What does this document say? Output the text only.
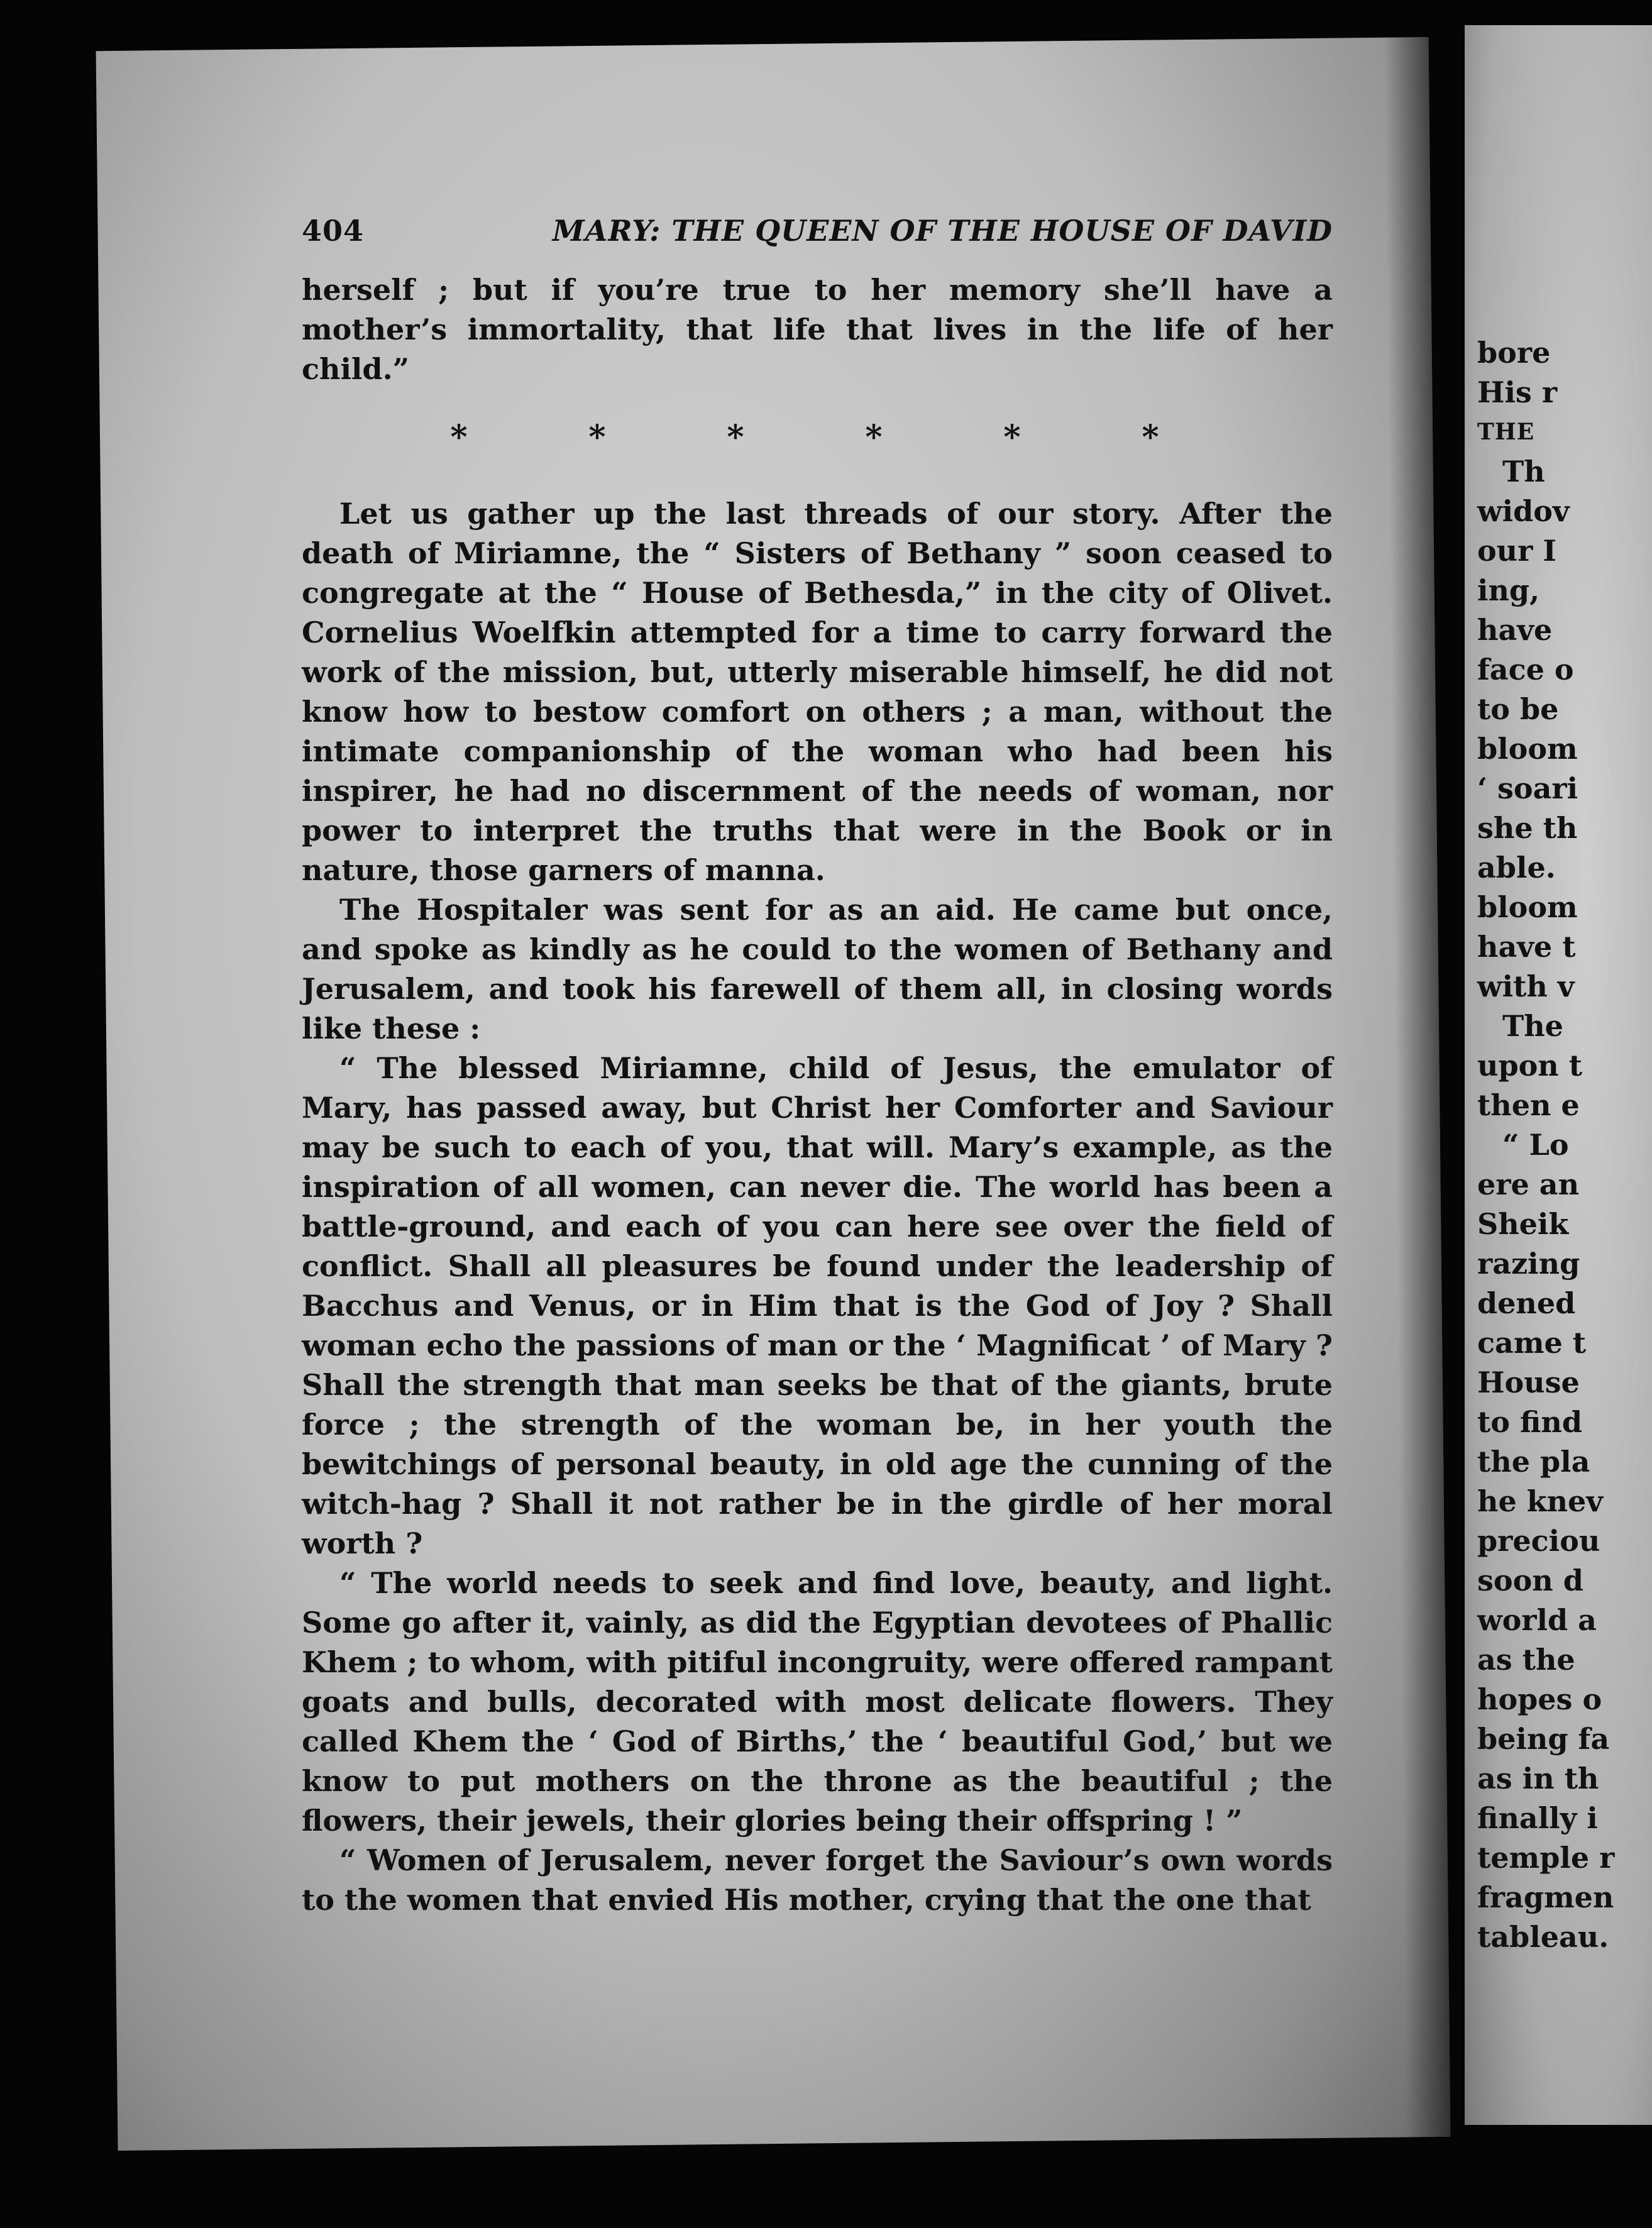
404	MARY: THE QUEEN OF THE HOUSE OF DAVID

herself ; but if you’re true to her memory she’ll have a mother’s immortality, that life that lives in the life of her child.”

*	*	*	*	*	*

Let us gather up the last threads of our story. After the death of Miriamne, the “ Sisters of Bethany ” soon ceased to congregate at the “ House of Bethesda,” in the city of Olivet. Cornelius Woelfkin attempted for a time to carry forward the work of the mission, but, utterly miserable himself, he did not know how to bestow comfort on others ; a man, without the intimate companionship of the woman who had been his inspirer, he had no discernment of the needs of woman, nor power to interpret the truths that were in the Book or in nature, those garners of manna.

The Hospitaler was sent for as an aid. He came but once, and spoke as kindly as he could to the women of Bethany and Jerusalem, and took his farewell of them all, in closing words like these :

“ The blessed Miriamne, child of Jesus, the emulator of Mary, has passed away, but Christ her Comforter and Saviour may be such to each of you, that will. Mary’s example, as the inspiration of all women, can never die. The world has been a battle-ground, and each of you can here see over the field of conflict. Shall all pleasures be found under the leadership of Bacchus and Venus, or in Him that is the God of Joy ? Shall woman echo the passions of man or the ‘ Magnificat ’ of Mary ? Shall the strength that man seeks be that of the giants, brute force ; the strength of the woman be, in her youth the bewitchings of personal beauty, in old age the cunning of the witch-hag ? Shall it not rather be in the girdle of her moral worth ?

“ The world needs to seek and find love, beauty, and light. Some go after it, vainly, as did the Egyptian devotees of Phallic Khem ; to whom, with pitiful incongruity, were offered rampant goats and bulls, decorated with most delicate flowers. They called Khem the ‘ God of Births,’ the ‘ beautiful God,’ but we know to put mothers on the throne as the beautiful ; the flowers, their jewels, their glories being their offspring ! ”

“ Women of Jerusalem, never forget the Saviour’s own words to the women that envied His mother, crying that the one that

bore
His r
THE
Th
widov
our I
ing,
have
face o
to be
bloom
‘ soari
she th
able.
bloom
have t
with v
The
upon t
then e
“ Lo
ere an
Sheik
razing
dened
came t
House
to find
the pla
he knev
preciou
soon d
world a
as the
hopes o
being fa
as in th
finally i
temple r
fragmen
tableau.
